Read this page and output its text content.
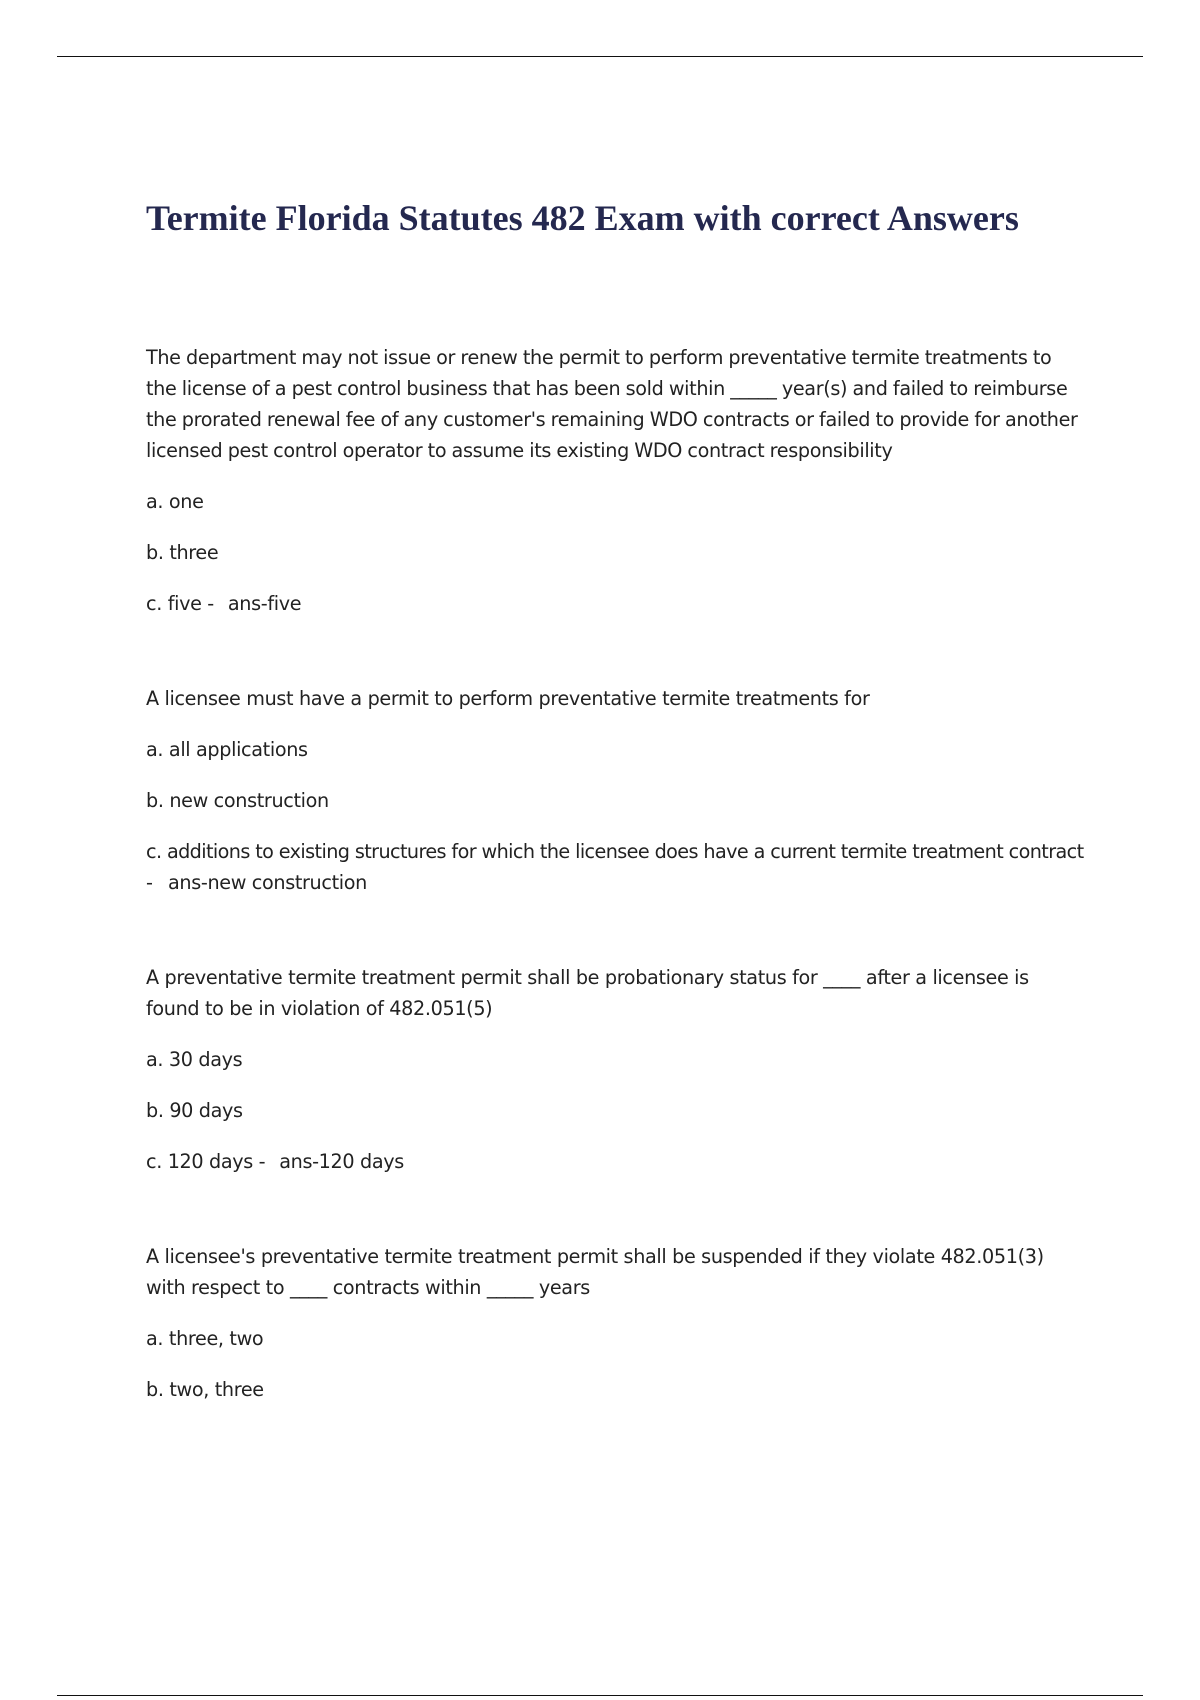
Termite Florida Statutes 482 Exam with correct Answers

The department may not issue or renew the permit to perform preventative termite treatments to the license of a pest control business that has been sold within _____ year(s) and failed to reimburse the prorated renewal fee of any customer's remaining WDO contracts or failed to provide for another licensed pest control operator to assume its existing WDO contract responsibility

a. one

b. three

c. five - ans-five

A licensee must have a permit to perform preventative termite treatments for

a. all applications

b. new construction

c. additions to existing structures for which the licensee does have a current termite treatment contract
- ans-new construction

A preventative termite treatment permit shall be probationary status for ____ after a licensee is found to be in violation of 482.051(5)

a. 30 days

b. 90 days

c. 120 days - ans-120 days

A licensee's preventative termite treatment permit shall be suspended if they violate 482.051(3) with respect to ____ contracts within _____ years

a. three, two

b. two, three
